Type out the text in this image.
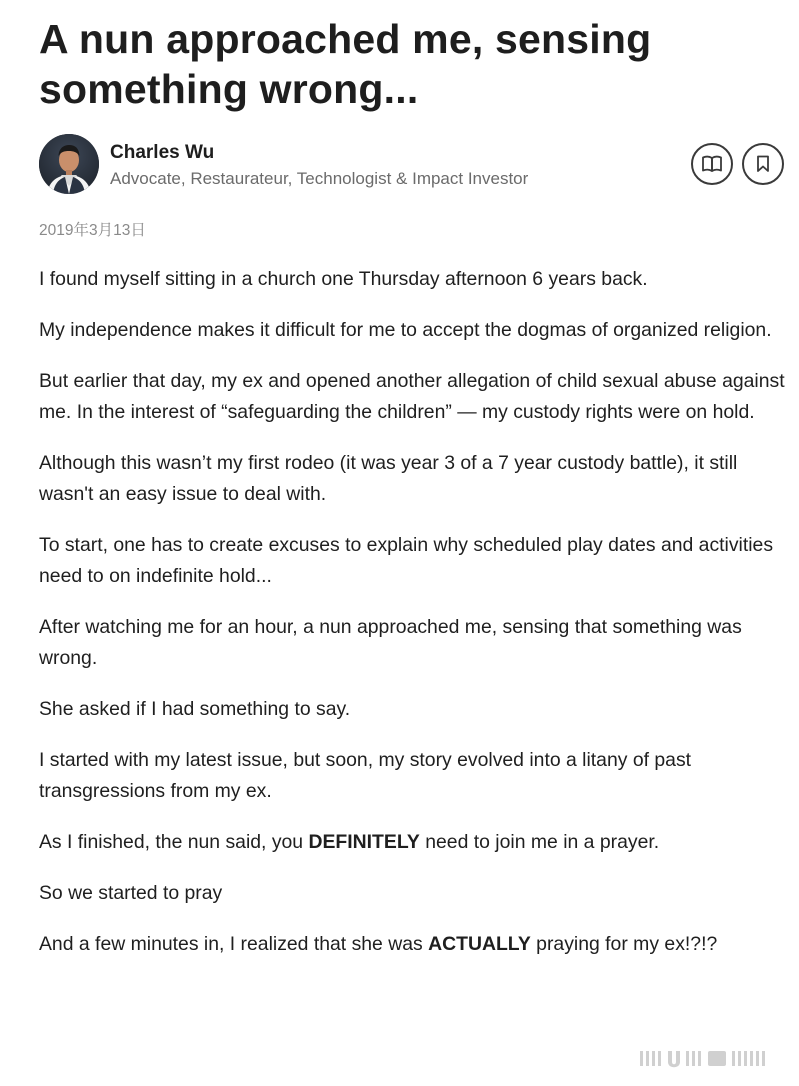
A nun approached me, sensing something wrong...
Charles Wu
Advocate, Restaurateur, Technologist & Impact Investor
2019年3月13日

I found myself sitting in a church one Thursday afternoon 6 years back.

My independence makes it difficult for me to accept the dogmas of organized religion.

But earlier that day, my ex and opened another allegation of child sexual abuse against me. In the interest of “safeguarding the children” — my custody rights were on hold.

Although this wasn’t my first rodeo (it was year 3 of a 7 year custody battle), it still wasn't an easy issue to deal with.

To start, one has to create excuses to explain why scheduled play dates and activities need to on indefinite hold...

After watching me for an hour, a nun approached me, sensing that something was wrong.

She asked if I had something to say.

I started with my latest issue, but soon, my story evolved into a litany of past transgressions from my ex.

As I finished, the nun said, you DEFINITELY need to join me in a prayer.

So we started to pray

And a few minutes in, I realized that she was ACTUALLY praying for my ex!?!?
